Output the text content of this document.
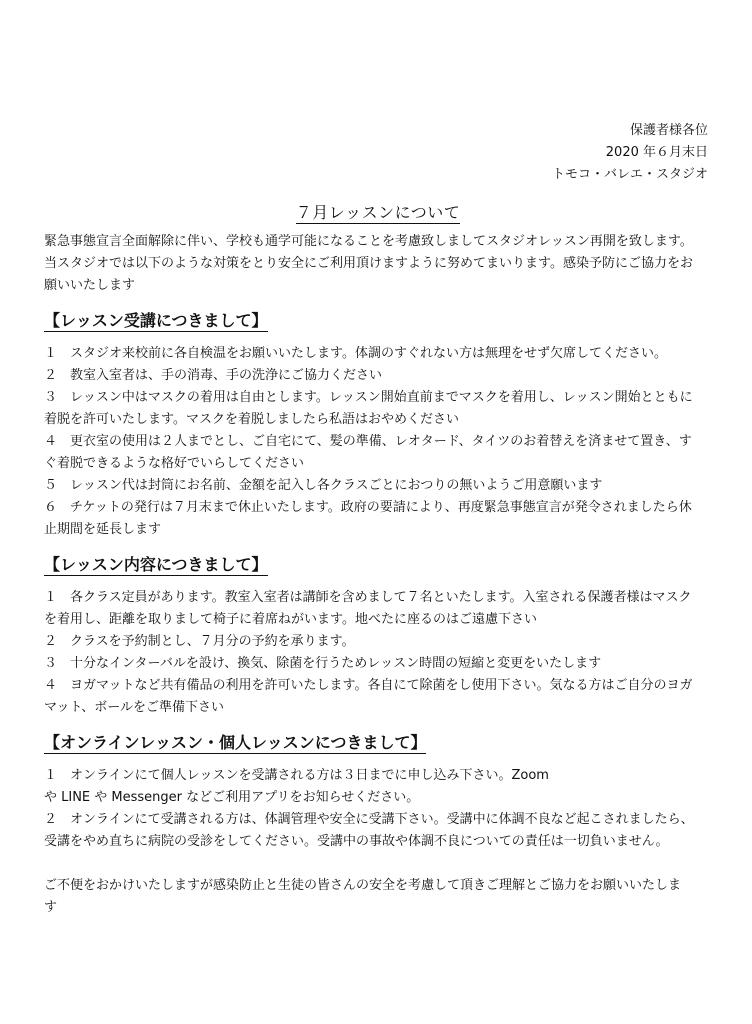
保護者様各位
2020 年６月末日
トモコ・バレエ・スタジオ
７月レッスンについて

緊急事態宣言全面解除に伴い、学校も通学可能になることを考慮致しましてスタジオレッスン再開を致します。

当スタジオでは以下のような対策をとり安全にご利用頂けますように努めてまいります。感染予防にご協力をお

願いいたします

【レッスン受講につきまして】

１　スタジオ来校前に各自検温をお願いいたします。体調のすぐれない方は無理をせず欠席してください。

２　教室入室者は、手の消毒、手の洗浄にご協力ください

３　レッスン中はマスクの着用は自由とします。レッスン開始直前までマスクを着用し、レッスン開始とともに

着脱を許可いたします。マスクを着脱しましたら私語はおやめください

４　更衣室の使用は２人までとし、ご自宅にて、髪の準備、レオタード、タイツのお着替えを済ませて置き、す

ぐ着脱できるような格好でいらしてください

５　レッスン代は封筒にお名前、金額を記入し各クラスごとにおつりの無いようご用意願います

６　チケットの発行は７月末まで休止いたします。政府の要請により、再度緊急事態宣言が発令されましたら休

止期間を延長します

【レッスン内容につきまして】

１　各クラス定員があります。教室入室者は講師を含めまして７名といたします。入室される保護者様はマスク

を着用し、距離を取りまして椅子に着席ねがいます。地べたに座るのはご遠慮下さい

２　クラスを予約制とし、７月分の予約を承ります。

３　十分なインターバルを設け、換気、除菌を行うためレッスン時間の短縮と変更をいたします

４　ヨガマットなど共有備品の利用を許可いたします。各自にて除菌をし使用下さい。気なる方はご自分のヨガ

マット、ボールをご準備下さい

【オンラインレッスン・個人レッスンにつきまして】

１　オンラインにて個人レッスンを受講される方は３日までに申し込み下さい。Zoom

や LINE や Messenger などご利用アプリをお知らせください。

２　オンラインにて受講される方は、体調管理や安全に受講下さい。受講中に体調不良など起こされましたら、

受講をやめ直ちに病院の受診をしてください。受講中の事故や体調不良についての責任は一切負いません。

ご不便をおかけいたしますが感染防止と生徒の皆さんの安全を考慮して頂きご理解とご協力をお願いいたしま

す
